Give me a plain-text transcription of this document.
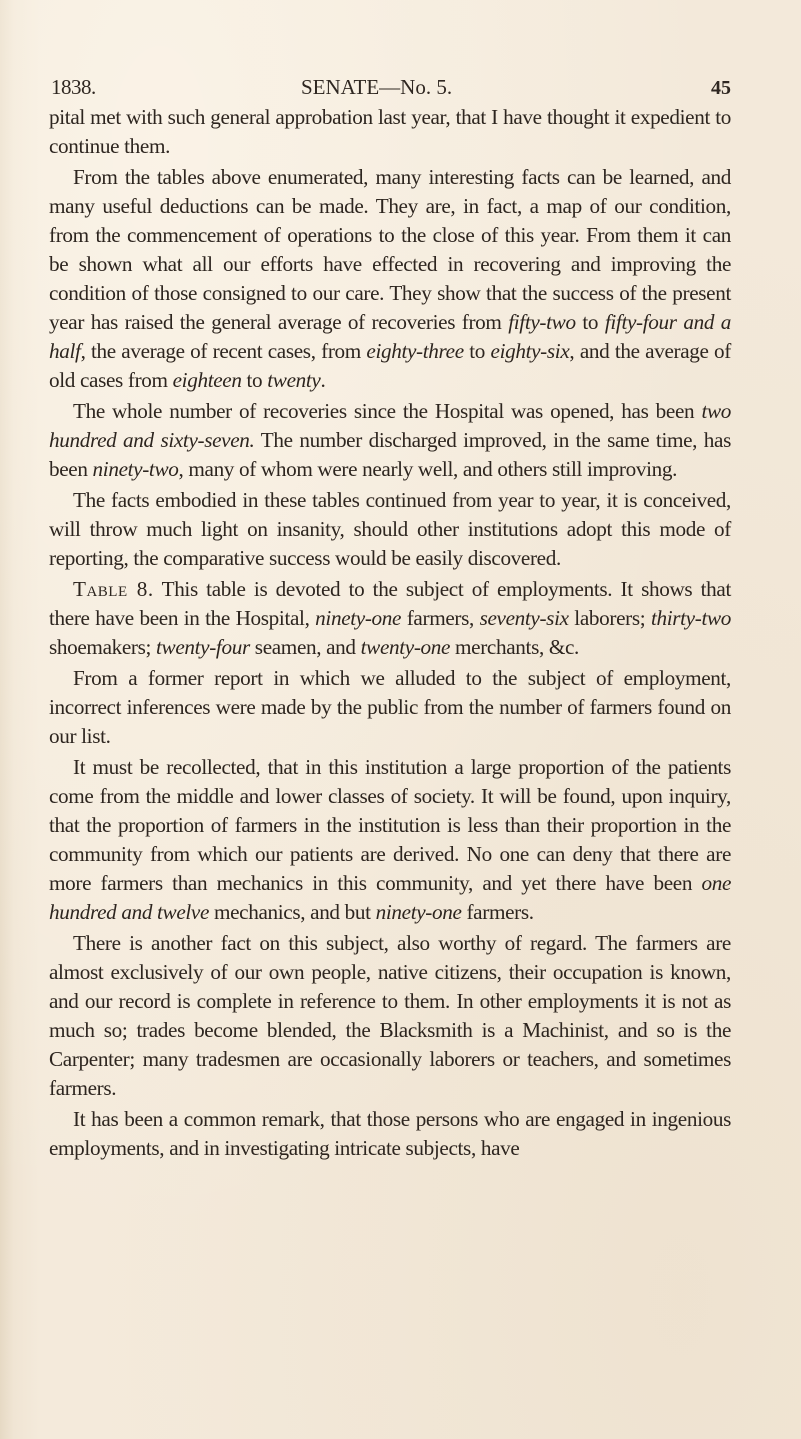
1838.	SENATE—No. 5.	45

pital met with such general approbation last year, that I have thought it expedient to continue them.

From the tables above enumerated, many interesting facts can be learned, and many useful deductions can be made. They are, in fact, a map of our condition, from the commencement of operations to the close of this year. From them it can be shown what all our efforts have effected in recovering and improving the condition of those consigned to our care. They show that the success of the present year has raised the general average of recoveries from fifty-two to fifty-four and a half, the average of recent cases, from eighty-three to eighty-six, and the average of old cases from eighteen to twenty.

The whole number of recoveries since the Hospital was opened, has been two hundred and sixty-seven. The number discharged improved, in the same time, has been ninety-two, many of whom were nearly well, and others still improving.

The facts embodied in these tables continued from year to year, it is conceived, will throw much light on insanity, should other institutions adopt this mode of reporting, the comparative success would be easily discovered.

Table 8. This table is devoted to the subject of employments. It shows that there have been in the Hospital, ninety-one farmers, seventy-six laborers; thirty-two shoemakers; twenty-four seamen, and twenty-one merchants, &c.

From a former report in which we alluded to the subject of employment, incorrect inferences were made by the public from the number of farmers found on our list.

It must be recollected, that in this institution a large proportion of the patients come from the middle and lower classes of society. It will be found, upon inquiry, that the proportion of farmers in the institution is less than their proportion in the community from which our patients are derived. No one can deny that there are more farmers than mechanics in this community, and yet there have been one hundred and twelve mechanics, and but ninety-one farmers.

There is another fact on this subject, also worthy of regard. The farmers are almost exclusively of our own people, native citizens, their occupation is known, and our record is complete in reference to them. In other employments it is not as much so; trades become blended, the Blacksmith is a Machinist, and so is the Carpenter; many tradesmen are occasionally laborers or teachers, and sometimes farmers.

It has been a common remark, that those persons who are engaged in ingenious employments, and in investigating intricate subjects, have
